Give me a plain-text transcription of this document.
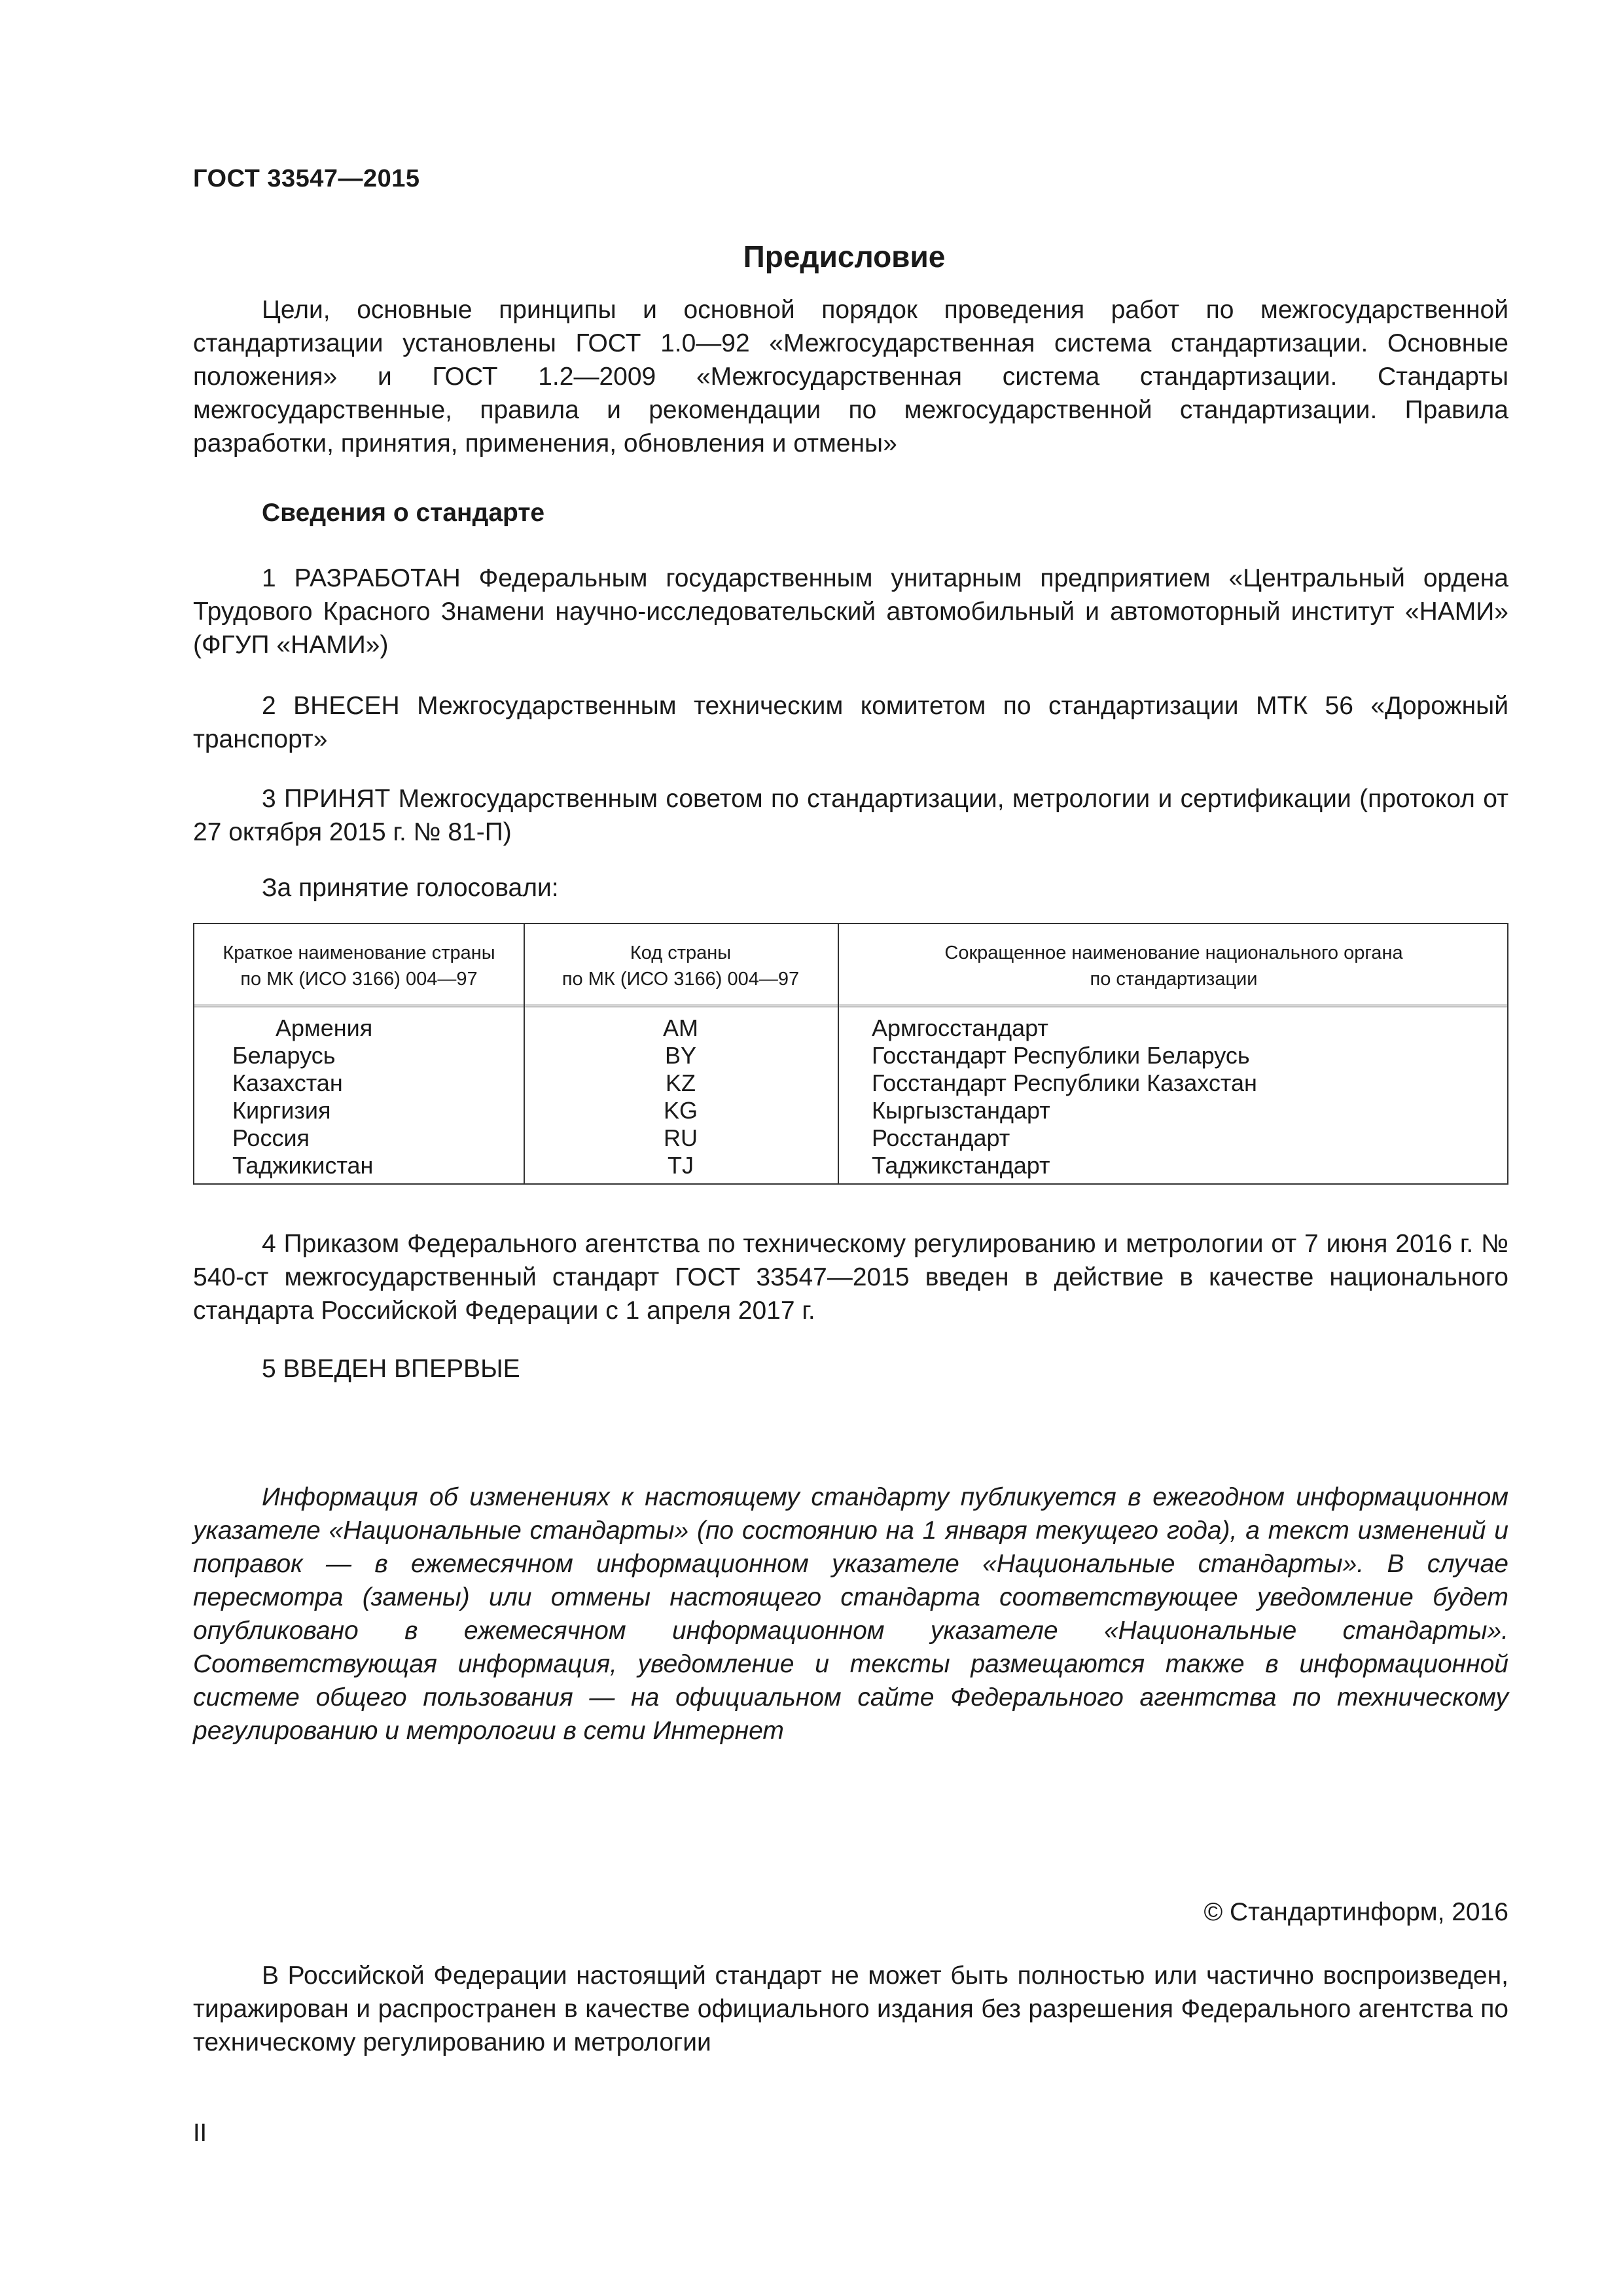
ГОСТ 33547—2015
Предисловие

Цели, основные принципы и основной порядок проведения работ по межгосударственной стандартизации установлены ГОСТ 1.0—92 «Межгосударственная система стандартизации. Основные положения» и ГОСТ 1.2—2009 «Межгосударственная система стандартизации. Стандарты межгосударственные, правила и рекомендации по межгосударственной стандартизации. Правила разработки, принятия, применения, обновления и отмены»

Сведения о стандарте

1 РАЗРАБОТАН Федеральным государственным унитарным предприятием «Центральный ордена Трудового Красного Знамени научно-исследовательский автомобильный и автомоторный институт «НАМИ» (ФГУП «НАМИ»)

2 ВНЕСЕН Межгосударственным техническим комитетом по стандартизации МТК 56 «Дорожный транспорт»

3 ПРИНЯТ Межгосударственным советом по стандартизации, метрологии и сертификации (протокол от 27 октября 2015 г. № 81-П)

За принятие голосовали:
Краткое наименование страны
по МК (ИСО 3166) 004—97
Код страны
по МК (ИСО 3166) 004—97
Сокращенное наименование национального органа
по стандартизации
Армения
Беларусь
Казахстан
Киргизия
Россия
Таджикистан
AM
BY
KZ
KG
RU
TJ
Армгосстандарт
Госстандарт Республики Беларусь
Госстандарт Республики Казахстан
Кыргызстандарт
Росстандарт
Таджикстандарт

4 Приказом Федерального агентства по техническому регулированию и метрологии от 7 июня 2016 г. № 540-ст межгосударственный стандарт ГОСТ 33547—2015 введен в действие в качестве национального стандарта Российской Федерации с 1 апреля 2017 г.

5 ВВЕДЕН ВПЕРВЫЕ

Информация об изменениях к настоящему стандарту публикуется в ежегодном информационном указателе «Национальные стандарты» (по состоянию на 1 января текущего года), а текст изменений и поправок — в ежемесячном информационном указателе «Национальные стандарты». В случае пересмотра (замены) или отмены настоящего стандарта соответствующее уведомление будет опубликовано в ежемесячном информационном указателе «Национальные стандарты». Соответствующая информация, уведомление и тексты размещаются также в информационной системе общего пользования — на официальном сайте Федерального агентства по техническому регулированию и метрологии в сети Интернет

© Стандартинформ, 2016

В Российской Федерации настоящий стандарт не может быть полностью или частично воспроизведен, тиражирован и распространен в качестве официального издания без разрешения Федерального агентства по техническому регулированию и метрологии

II
